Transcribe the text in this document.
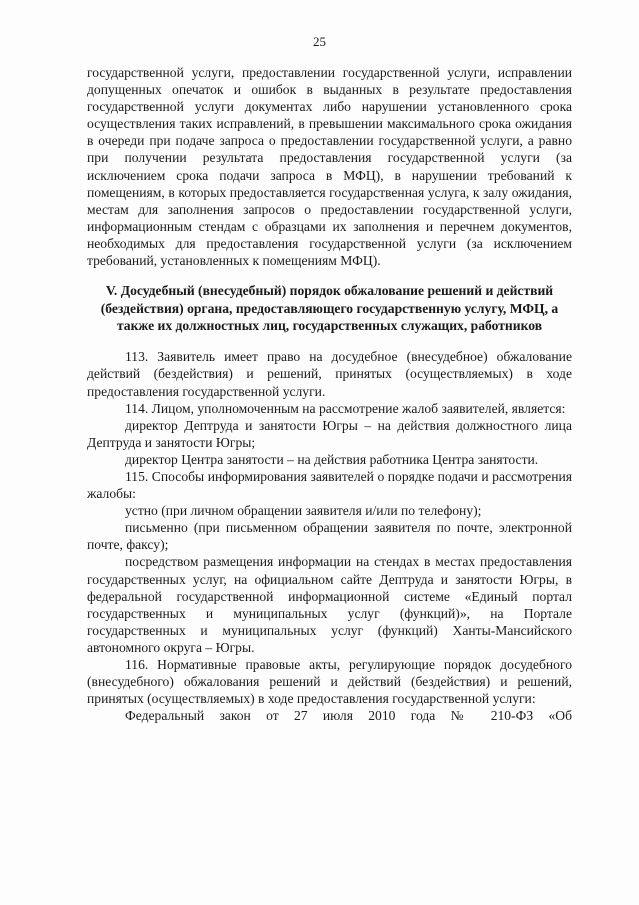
25

государственной услуги, предоставлении государственной услуги, исправлении допущенных опечаток и ошибок в выданных в результате предоставления государственной услуги документах либо нарушении установленного срока осуществления таких исправлений, в превышении максимального срока ожидания в очереди при подаче запроса о предоставлении государственной услуги, а равно при получении результата предоставления государственной услуги (за исключением срока подачи запроса в МФЦ), в нарушении требований к помещениям, в которых предоставляется государственная услуга, к залу ожидания, местам для заполнения запросов о предоставлении государственной услуги, информационным стендам с образцами их заполнения и перечнем документов, необходимых для предоставления государственной услуги (за исключением требований, установленных к помещениям МФЦ).

V. Досудебный (внесудебный) порядок обжалование решений и действий (бездействия) органа, предоставляющего государственную услугу, МФЦ, а также их должностных лиц, государственных служащих, работников

113. Заявитель имеет право на досудебное (внесудебное) обжалование действий (бездействия) и решений, принятых (осуществляемых) в ходе предоставления государственной услуги.

114. Лицом, уполномоченным на рассмотрение жалоб заявителей, является:

директор Дептруда и занятости Югры – на действия должностного лица Дептруда и занятости Югры;

директор Центра занятости – на действия работника Центра занятости.

115. Способы информирования заявителей о порядке подачи и рассмотрения жалобы:

устно (при личном обращении заявителя и/или по телефону);

письменно (при письменном обращении заявителя по почте, электронной почте, факсу);

посредством размещения информации на стендах в местах предоставления государственных услуг, на официальном сайте Дептруда и занятости Югры, в федеральной государственной информационной системе «Единый портал государственных и муниципальных услуг (функций)», на Портале государственных и муниципальных услуг (функций) Ханты-Мансийского автономного округа – Югры.

116. Нормативные правовые акты, регулирующие порядок досудебного (внесудебного) обжалования решений и действий (бездействия) и решений, принятых (осуществляемых) в ходе предоставления государственной услуги:

Федеральный закон от 27 июля 2010 года № 210-ФЗ «Об
